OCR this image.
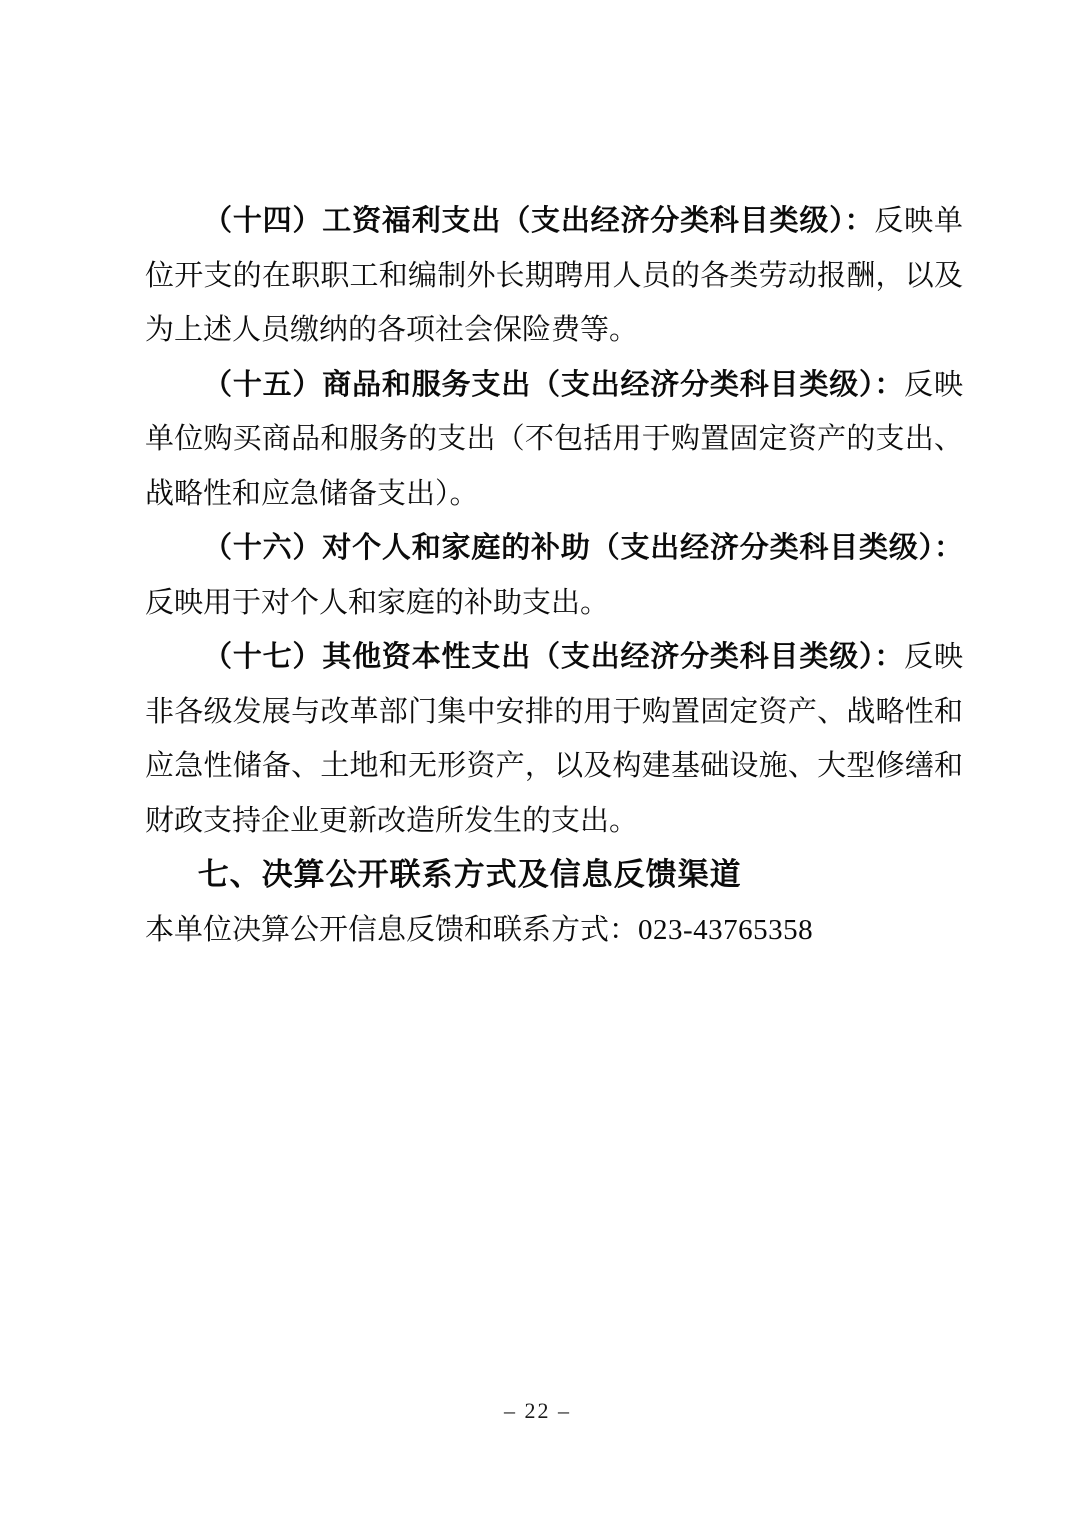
（十四）工资福利支出（支出经济分类科目类级）：反映单位开支的在职职工和编制外长期聘用人员的各类劳动报酬，以及为上述人员缴纳的各项社会保险费等。

（十五）商品和服务支出（支出经济分类科目类级）：反映单位购买商品和服务的支出（不包括用于购置固定资产的支出、战略性和应急储备支出）。

（十六）对个人和家庭的补助（支出经济分类科目类级）：反映用于对个人和家庭的补助支出。

（十七）其他资本性支出（支出经济分类科目类级）：反映非各级发展与改革部门集中安排的用于购置固定资产、战略性和应急性储备、土地和无形资产，以及构建基础设施、大型修缮和财政支持企业更新改造所发生的支出。

七、决算公开联系方式及信息反馈渠道

本单位决算公开信息反馈和联系方式：023-43765358

– 22 –
